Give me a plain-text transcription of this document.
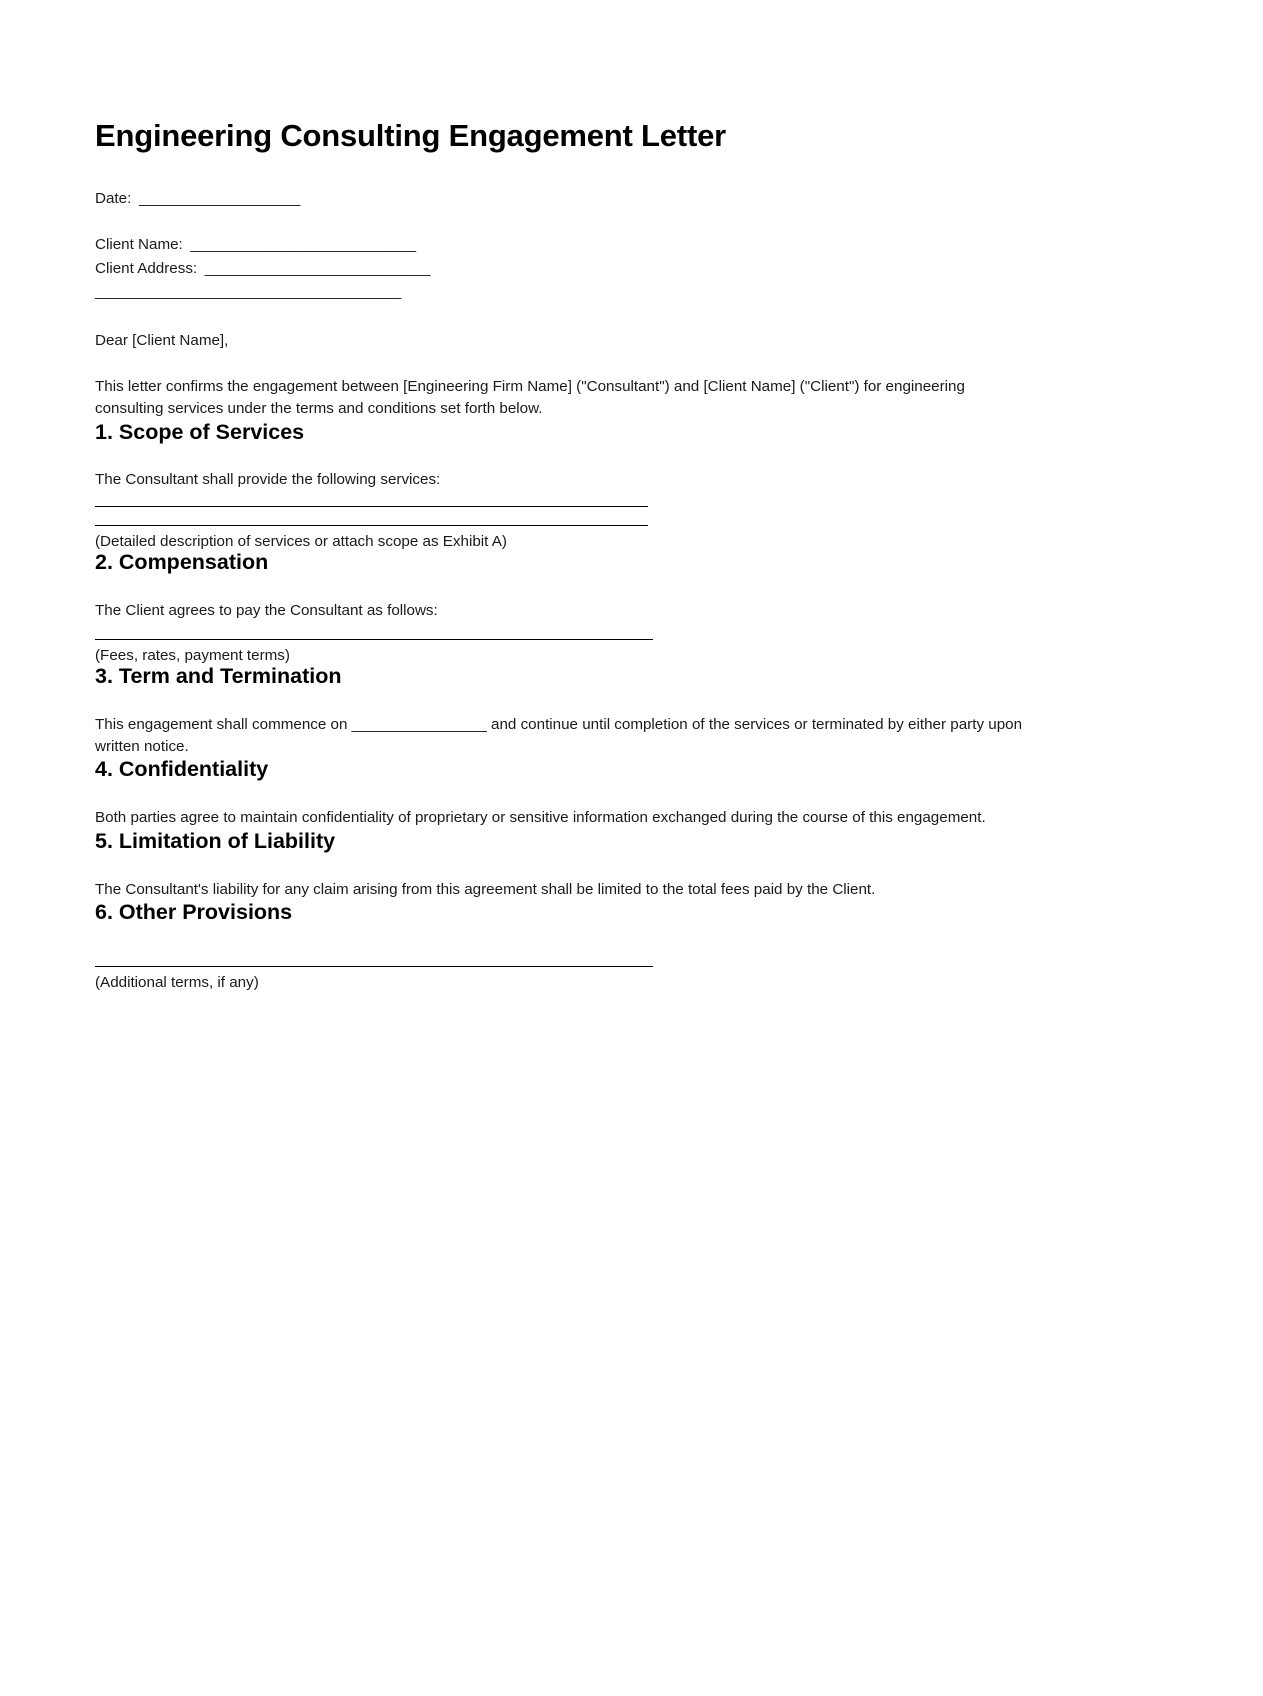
Engineering Consulting Engagement Letter
Date:  ____________________
Client Name:  ____________________________
Client Address:  ____________________________
______________________________________
Dear [Client Name],
This letter confirms the engagement between [Engineering Firm Name] ("Consultant") and [Client Name] ("Client") for engineering consulting services under the terms and conditions set forth below.
1. Scope of Services
The Consultant shall provide the following services:
(Detailed description of services or attach scope as Exhibit A)
2. Compensation
The Client agrees to pay the Consultant as follows:
(Fees, rates, payment terms)
3. Term and Termination
This engagement shall commence on ________________ and continue until completion of the services or terminated by either party upon written notice.
4. Confidentiality
Both parties agree to maintain confidentiality of proprietary or sensitive information exchanged during the course of this engagement.
5. Limitation of Liability
The Consultant's liability for any claim arising from this agreement shall be limited to the total fees paid by the Client.
6. Other Provisions
(Additional terms, if any)
